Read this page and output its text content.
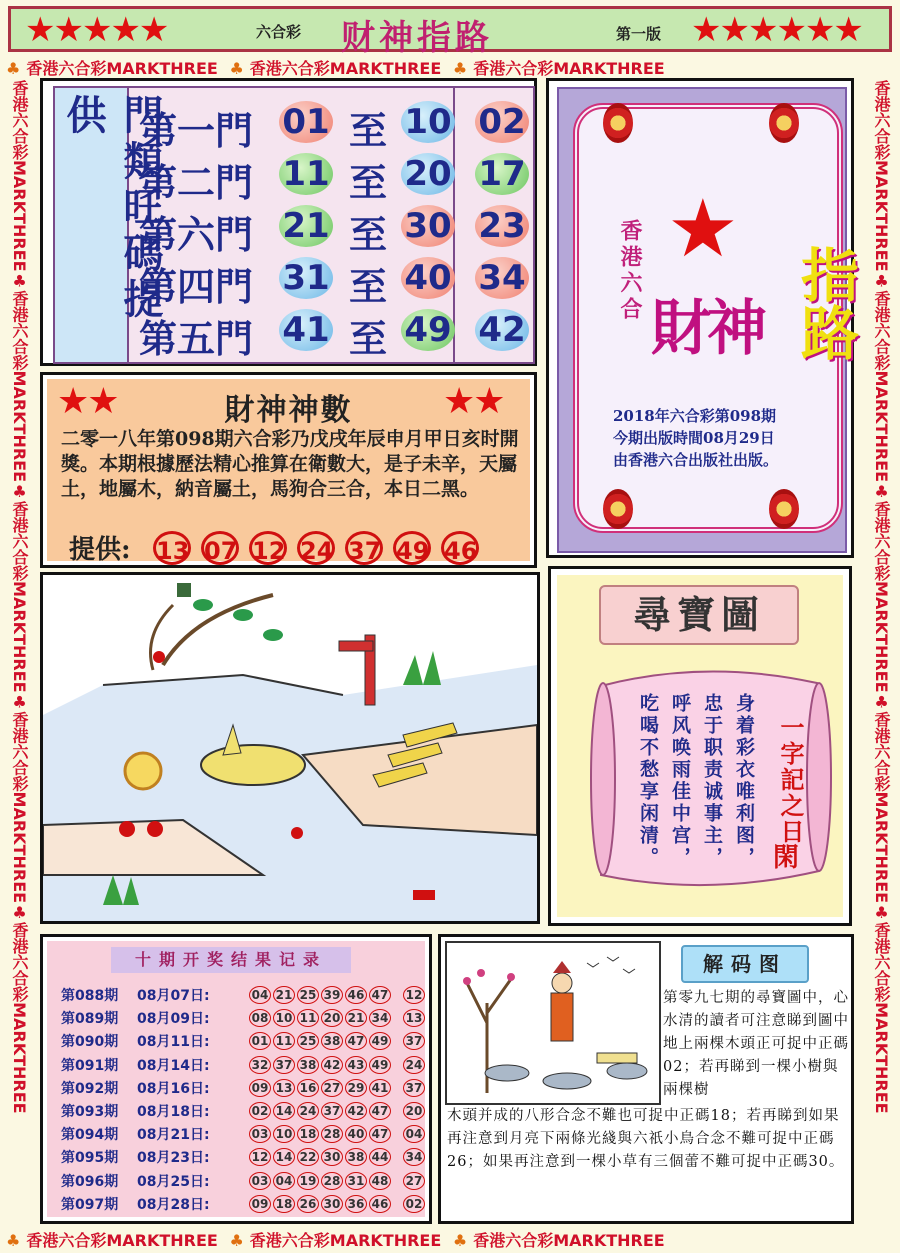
★★★★★	六合彩 财神指路	第一版 ★★★★★★
♣ 香港六合彩MARKTHREE ♣ 香港六合彩MARKTHREE ♣ 香港六合彩MARKTHREE
♣ 香港六合彩MARKTHREE ♣ 香港六合彩MARKTHREE ♣ 香港六合彩MARKTHREE
香港六合彩MARKTHREE♣香港六合彩MARKTHREE♣香港六合彩MARKTHREE♣香港六合彩MARKTHREE♣香港六合彩MARKTHREE
香港六合彩MARKTHREE♣香港六合彩MARKTHREE♣香港六合彩MARKTHREE♣香港六合彩MARKTHREE♣香港六合彩MARKTHREE
門類旺碼提供 第一門 01 至 10 02
第二門 11 至 20 17
第六門 21 至 30 23
第四門 31 至 40 34
第五門 41 至 49 42
★
香港六合
財神 指路
2018年六合彩第098期
今期出版時間08月29日
由香港六合出版社出版。
★★	財神神數	★★
二零一八年第098期六合彩乃戊戌年辰申月甲日亥时開獎。本期根據歷法精心推算在衛數大，是子未辛，天屬土，地屬木，納音屬土，馬狗合三合，本日二黑。
提供: 13 07 12 24 37 49 46
尋寶圖
身着彩衣唯利图，
忠于职责诚事主，
呼风唤雨佳中宫，
吃喝不愁享闲清。	一字記之日
閑
十期开奖结果记录
第088期 08月07日:	04 21 25 39 46 47 12
第089期 08月09日:	08 10 11 20 21 34 13
第090期 08月11日:	01 11 25 38 47 49 37
第091期 08月14日:	32 37 38 42 43 49 24
第092期 08月16日:	09 13 16 27 29 41 37
第093期 08月18日:	02 14 24 37 42 47 20
第094期 08月21日:	03 10 18 28 40 47 04
第095期 08月23日:	12 14 22 30 38 44 34
第096期 08月25日:	03 04 19 28 31 48 27
第097期 08月28日:	09 18 26 30 36 46 02
解码图
第零九七期的尋寶圖中，心水清的讀者可注意睇到圖中地上兩棵木頭正可捉中正碼02；若再睇到一棵小樹與兩棵樹
木頭并成的八形合念不難也可捉中正碼18；若再睇到如果再注意到月亮下兩條光綫與六祇小鳥合念不難可捉中正碼26；如果再注意到一棵小草有三個蕾不難可捉中正碼30。
